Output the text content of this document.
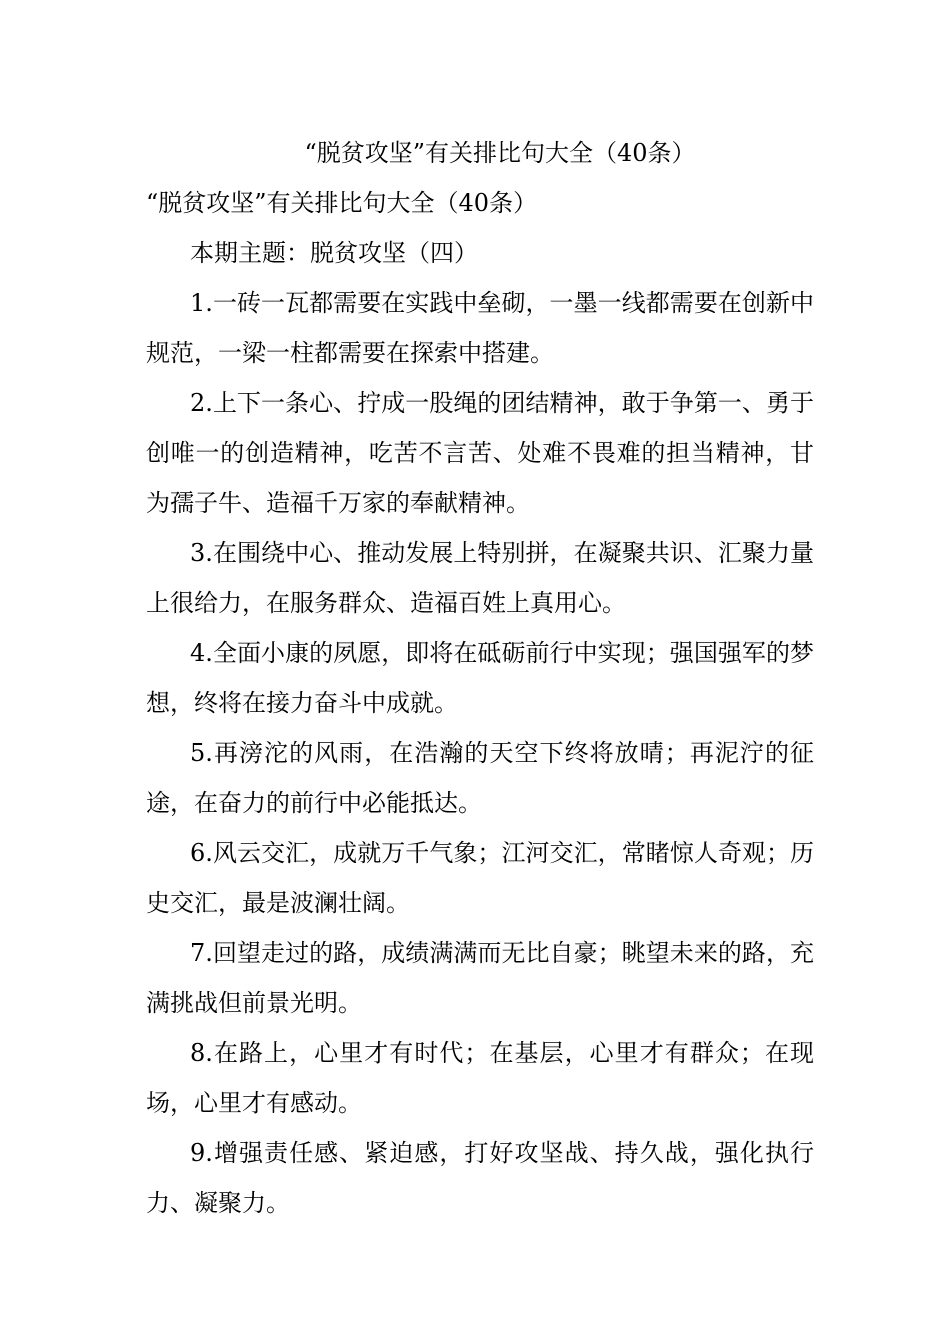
“脱贫攻坚”有关排比句大全（40条）

“脱贫攻坚”有关排比句大全（40条）

本期主题：脱贫攻坚（四）

1.一砖一瓦都需要在实践中垒砌，一墨一线都需要在创新中规范，一梁一柱都需要在探索中搭建。

2.上下一条心、拧成一股绳的团结精神，敢于争第一、勇于创唯一的创造精神，吃苦不言苦、处难不畏难的担当精神，甘为孺子牛、造福千万家的奉献精神。

3.在围绕中心、推动发展上特别拼，在凝聚共识、汇聚力量上很给力，在服务群众、造福百姓上真用心。

4.全面小康的夙愿，即将在砥砺前行中实现；强国强军的梦想，终将在接力奋斗中成就。

5.再滂沱的风雨，在浩瀚的天空下终将放晴；再泥泞的征途，在奋力的前行中必能抵达。

6.风云交汇，成就万千气象；江河交汇，常睹惊人奇观；历史交汇，最是波澜壮阔。

7.回望走过的路，成绩满满而无比自豪；眺望未来的路，充满挑战但前景光明。

8.在路上，心里才有时代；在基层，心里才有群众；在现场，心里才有感动。

9.增强责任感、紧迫感，打好攻坚战、持久战，强化执行力、凝聚力。
